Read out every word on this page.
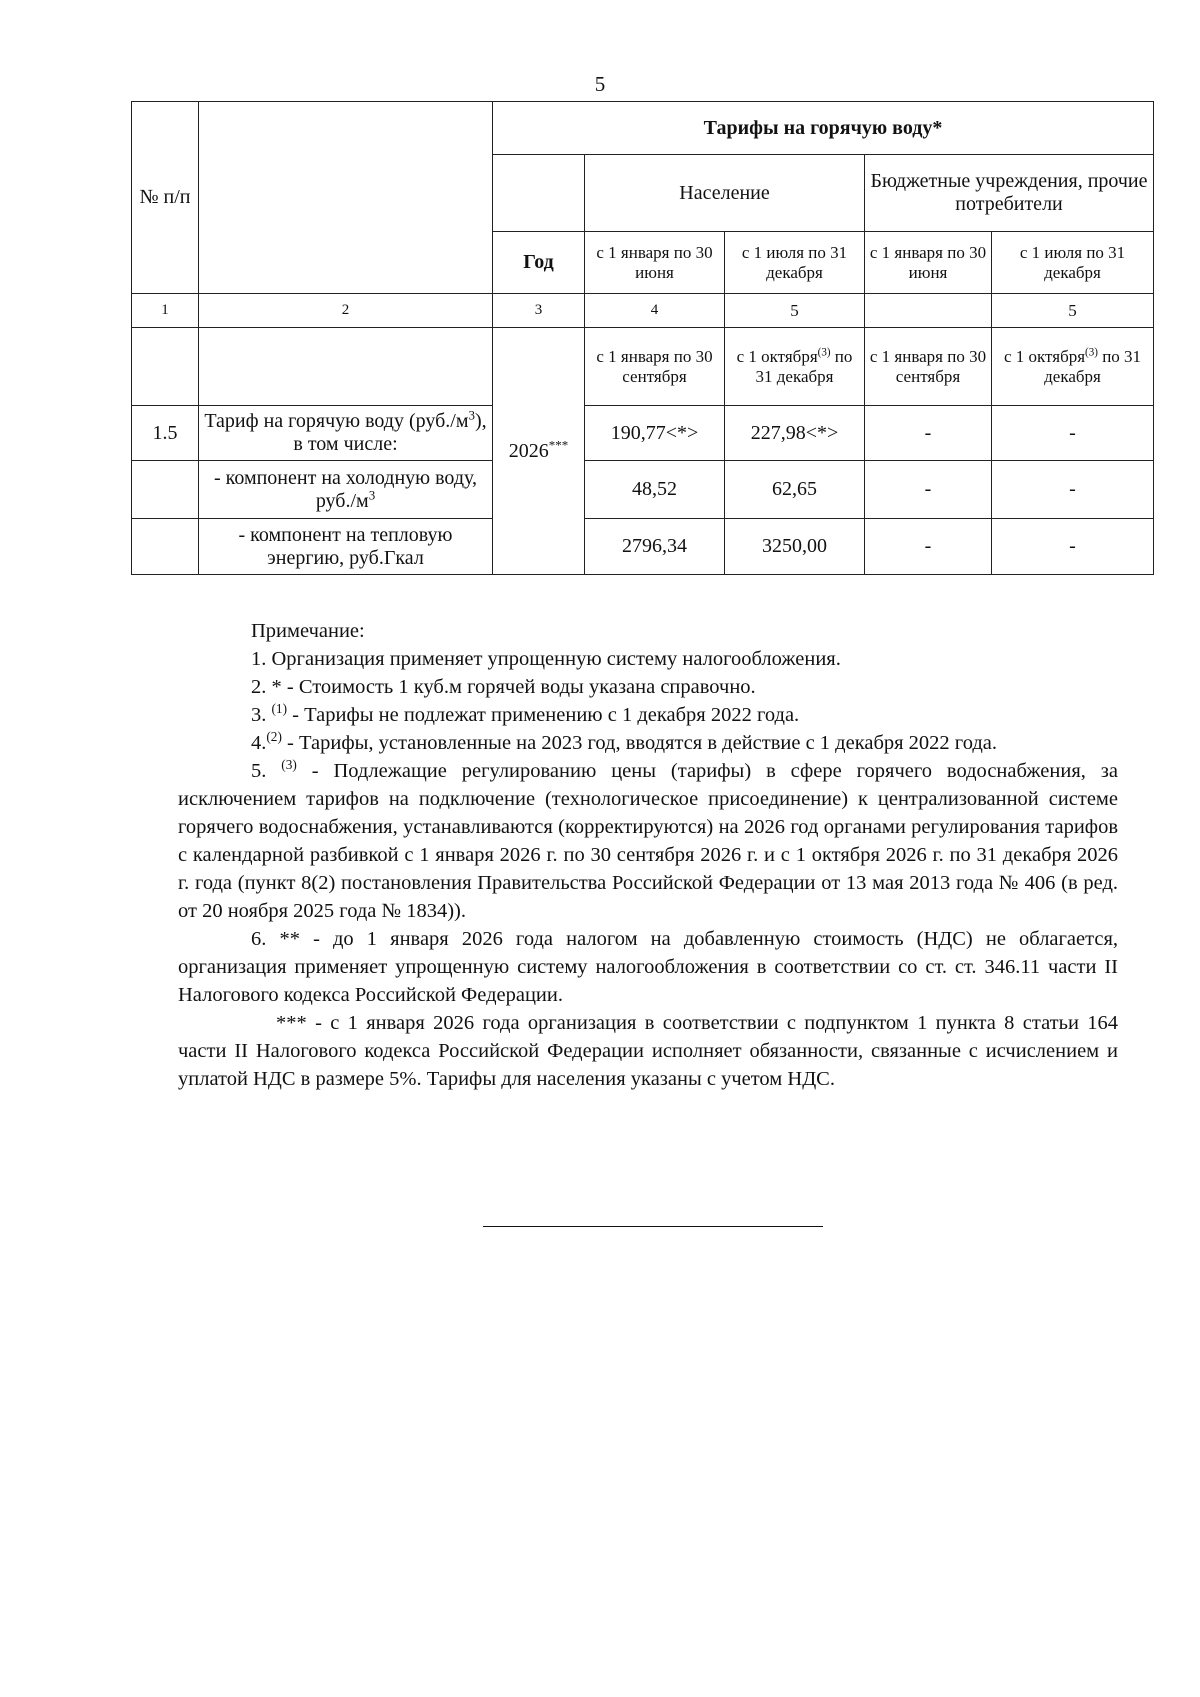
5
№ п/п		Тарифы на горячую воду*				
			Население		Бюджетные учреждения, прочие потребители	
		Год	с 1 января по 30 июня	с 1 июля по 31 декабря	с 1 января по 30 июня	с 1 июля по 31 декабря
1	2	3	4	5		5
		2026***	с 1 января по 30 сентября	с 1 октября$^{(3)}$ по 31 декабря	с 1 января по 30 сентября	с 1 октября$^{(3)}$ по 31 декабря
1.5	Тариф на горячую воду $(руб./м^3)$, в том числе:		190,77<*>	227,98<*>	-	-
	- компонент на холодную воду, $руб./м^3$		48,52	62,65	-	-
	- компонент на тепловую энергию, руб.Гкал		2796,34	3250,00	-	-

Примечание:

1. Организация применяет упрощенную систему налогообложения.

2. * - Стоимость 1 куб.м горячей воды указана справочно.

3. $^{(1)}$ - Тарифы не подлежат применению с 1 декабря 2022 года.

4.$^{(2)}$ - Тарифы, установленные на 2023 год, вводятся в действие с 1 декабря 2022 года.

5. $^{(3)}$ - Подлежащие регулированию цены (тарифы) в сфере горячего водоснабжения, за исключением тарифов на подключение (технологическое присоединение) к централизованной системе горячего водоснабжения, устанавливаются (корректируются) на 2026 год органами регулирования тарифов с календарной разбивкой с 1 января 2026 г. по 30 сентября 2026 г. и с 1 октября 2026 г. по 31 декабря 2026 г. года (пункт 8(2) постановления Правительства Российской Федерации от 13 мая 2013 года № 406 (в ред. от 20 ноября 2025 года № 1834)).

6. ** - до 1 января 2026 года налогом на добавленную стоимость (НДС) не облагается, организация применяет упрощенную систему налогообложения в соответствии со ст. ст. 346.11 части II Налогового кодекса Российской Федерации.

*** - с 1 января 2026 года организация в соответствии с подпунктом 1 пункта 8 статьи 164 части II Налогового кодекса Российской Федерации исполняет обязанности, связанные с исчислением и уплатой НДС в размере 5%. Тарифы для населения указаны с учетом НДС.
